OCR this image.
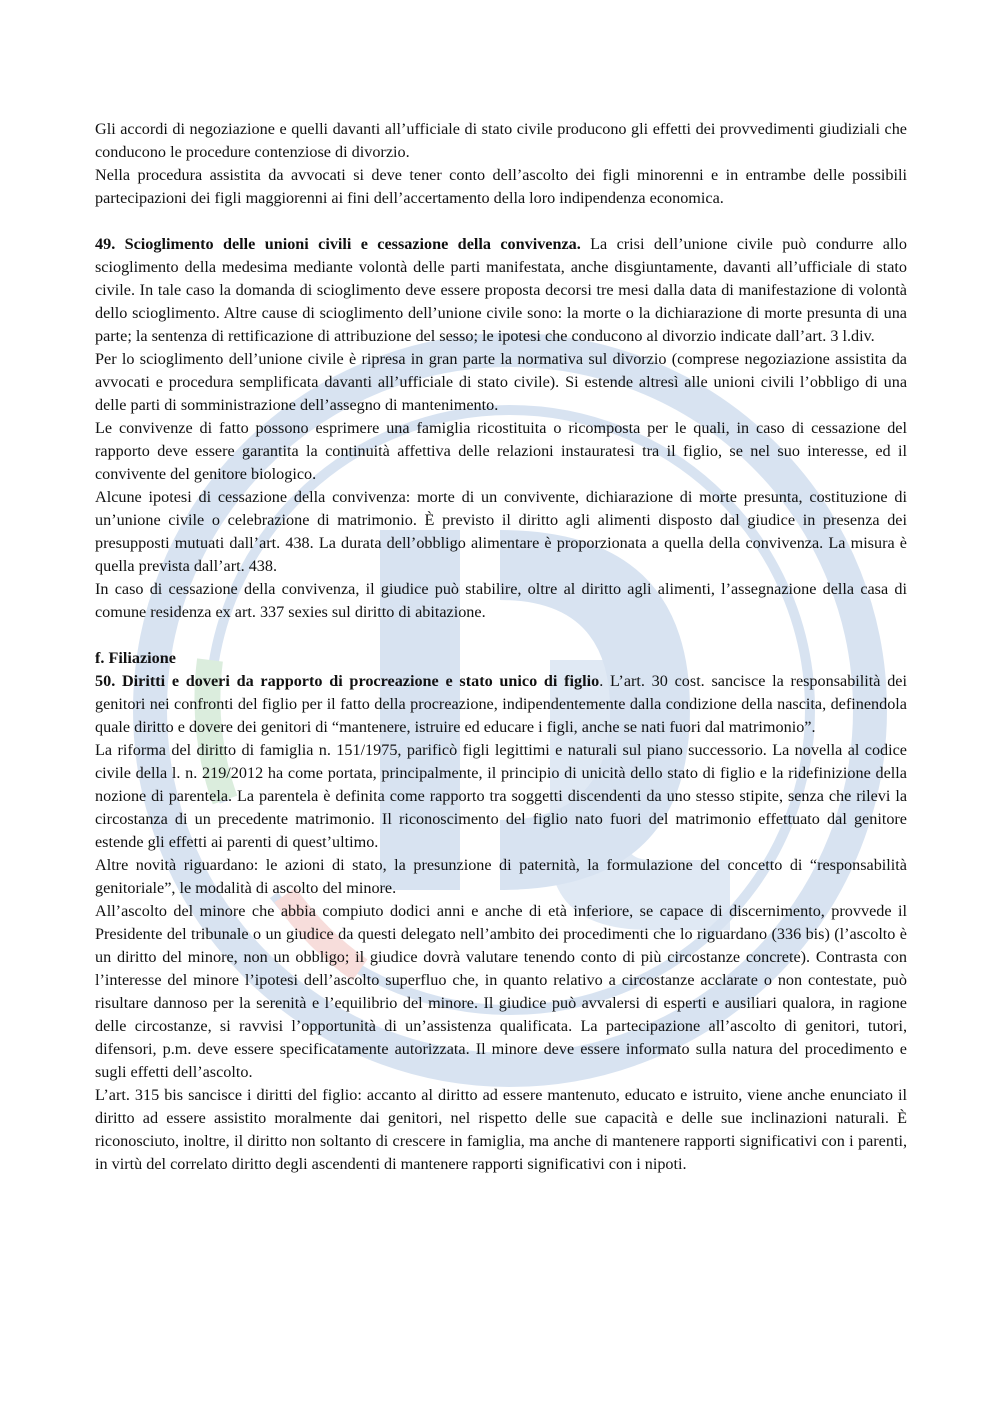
Gli accordi di negoziazione e quelli davanti all’ufficiale di stato civile producono gli effetti dei provvedimenti giudiziali che conducono le procedure contenziose di divorzio.

Nella procedura assistita da avvocati si deve tener conto dell’ascolto dei figli minorenni e in entrambe delle possibili partecipazioni dei figli maggiorenni ai fini dell’accertamento della loro indipendenza economica.

49. Scioglimento delle unioni civili e cessazione della convivenza. La crisi dell’unione civile può condurre allo scioglimento della medesima mediante volontà delle parti manifestata, anche disgiuntamente, davanti all’ufficiale di stato civile. In tale caso la domanda di scioglimento deve essere proposta decorsi tre mesi dalla data di manifestazione di volontà dello scioglimento. Altre cause di scioglimento dell’unione civile sono: la morte o la dichiarazione di morte presunta di una parte; la sentenza di rettificazione di attribuzione del sesso; le ipotesi che conducono al divorzio indicate dall’art. 3 l.div.

Per lo scioglimento dell’unione civile è ripresa in gran parte la normativa sul divorzio (comprese negoziazione assistita da avvocati e procedura semplificata davanti all’ufficiale di stato civile). Si estende altresì alle unioni civili l’obbligo di una delle parti di somministrazione dell’assegno di mantenimento.

Le convivenze di fatto possono esprimere una famiglia ricostituita o ricomposta per le quali, in caso di cessazione del rapporto deve essere garantita la continuità affettiva delle relazioni instauratesi tra il figlio, se nel suo interesse, ed il convivente del genitore biologico.

Alcune ipotesi di cessazione della convivenza: morte di un convivente, dichiarazione di morte presunta, costituzione di un’unione civile o celebrazione di matrimonio. È previsto il diritto agli alimenti disposto dal giudice in presenza dei presupposti mutuati dall’art. 438. La durata dell’obbligo alimentare è proporzionata a quella della convivenza. La misura è quella prevista dall’art. 438.

In caso di cessazione della convivenza, il giudice può stabilire, oltre al diritto agli alimenti, l’assegnazione della casa di comune residenza ex art. 337 sexies sul diritto di abitazione.

f. Filiazione

50. Diritti e doveri da rapporto di procreazione e stato unico di figlio. L’art. 30 cost. sancisce la responsabilità dei genitori nei confronti del figlio per il fatto della procreazione, indipendentemente dalla condizione della nascita, definendola quale diritto e dovere dei genitori di “mantenere, istruire ed educare i figli, anche se nati fuori dal matrimonio”.

La riforma del diritto di famiglia n. 151/1975, parificò figli legittimi e naturali sul piano successorio. La novella al codice civile della l. n. 219/2012 ha come portata, principalmente, il principio di unicità dello stato di figlio e la ridefinizione della nozione di parentela. La parentela è definita come rapporto tra soggetti discendenti da uno stesso stipite, senza che rilevi la circostanza di un precedente matrimonio. Il riconoscimento del figlio nato fuori del matrimonio effettuato dal genitore estende gli effetti ai parenti di quest’ultimo.

Altre novità riguardano: le azioni di stato, la presunzione di paternità, la formulazione del concetto di “responsabilità genitoriale”, le modalità di ascolto del minore.

All’ascolto del minore che abbia compiuto dodici anni e anche di età inferiore, se capace di discernimento, provvede il Presidente del tribunale o un giudice da questi delegato nell’ambito dei procedimenti che lo riguardano (336 bis) (l’ascolto è un diritto del minore, non un obbligo; il giudice dovrà valutare tenendo conto di più circostanze concrete). Contrasta con l’interesse del minore l’ipotesi dell’ascolto superfluo che, in quanto relativo a circostanze acclarate o non contestate, può risultare dannoso per la serenità e l’equilibrio del minore. Il giudice può avvalersi di esperti e ausiliari qualora, in ragione delle circostanze, si ravvisi l’opportunità di un’assistenza qualificata. La partecipazione all’ascolto di genitori, tutori, difensori, p.m. deve essere specificatamente autorizzata. Il minore deve essere informato sulla natura del procedimento e sugli effetti dell’ascolto.

L’art. 315 bis sancisce i diritti del figlio: accanto al diritto ad essere mantenuto, educato e istruito, viene anche enunciato il diritto ad essere assistito moralmente dai genitori, nel rispetto delle sue capacità e delle sue inclinazioni naturali. È riconosciuto, inoltre, il diritto non soltanto di crescere in famiglia, ma anche di mantenere rapporti significativi con i parenti, in virtù del correlato diritto degli ascendenti di mantenere rapporti significativi con i nipoti.
